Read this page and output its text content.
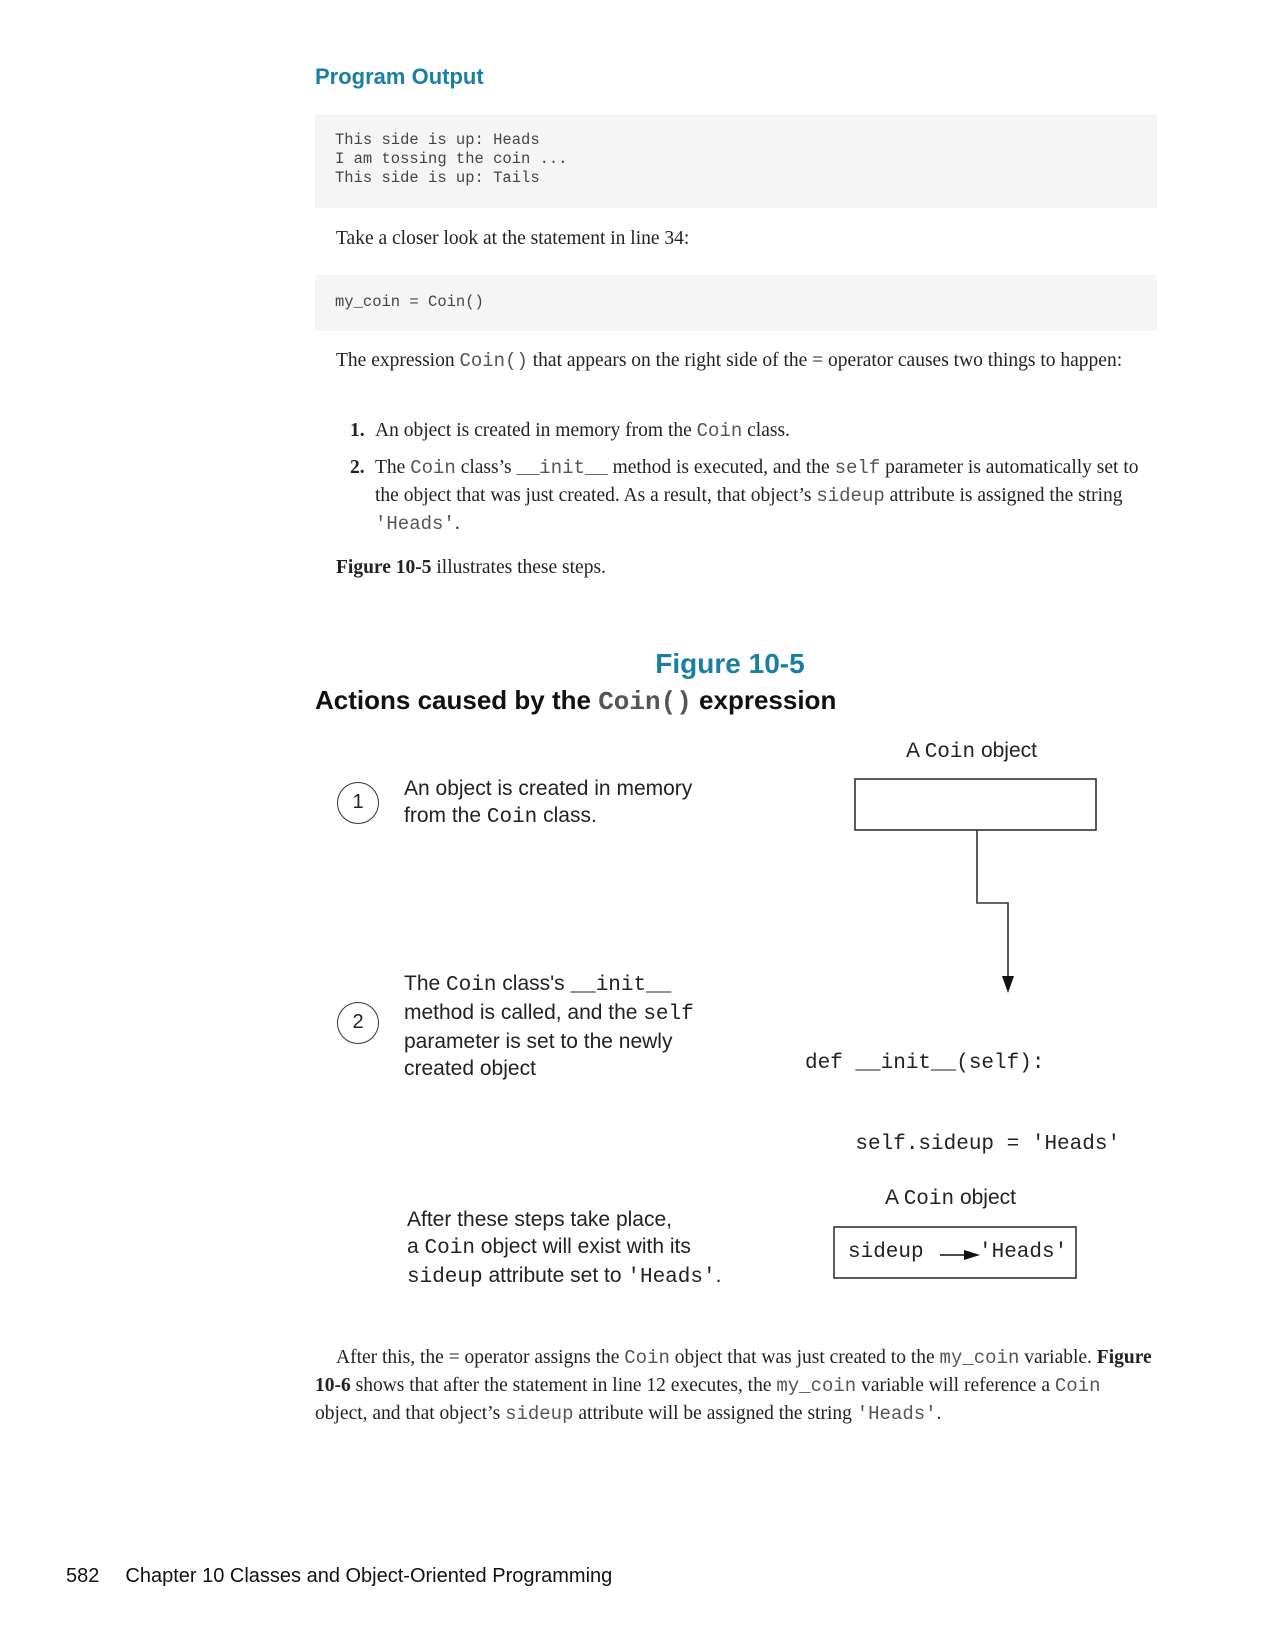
Program Output
This side is up: Heads
I am tossing the coin ...
This side is up: Tails
Take a closer look at the statement in line 34:
my_coin = Coin()
The expression Coin() that appears on the right side of the = operator causes two things to happen:
1. An object is created in memory from the Coin class.
2. The Coin class’s __init__ method is executed, and the self parameter is automatically set to the object that was just created. As a result, that object’s sideup attribute is assigned the string 'Heads'.
Figure 10-5 illustrates these steps.
Figure 10-5
Actions caused by the Coin() expression
A Coin object
1
An object is created in memory
from the Coin class.
2
The Coin class's __init__
method is called, and the self
parameter is set to the newly
created object

	def __init__(self):

self.sideup = 'Heads'

After these steps take place,
a Coin object will exist with its
sideup attribute set to 'Heads'.
A Coin object
sideup	'Heads'
After this, the = operator assigns the Coin object that was just created to the my_coin variable. Figure 10-6 shows that after the statement in line 12 executes, the my_coin variable will reference a Coin object, and that object’s sideup attribute will be assigned the string 'Heads'.
582 Chapter 10 Classes and Object-Oriented Programming
